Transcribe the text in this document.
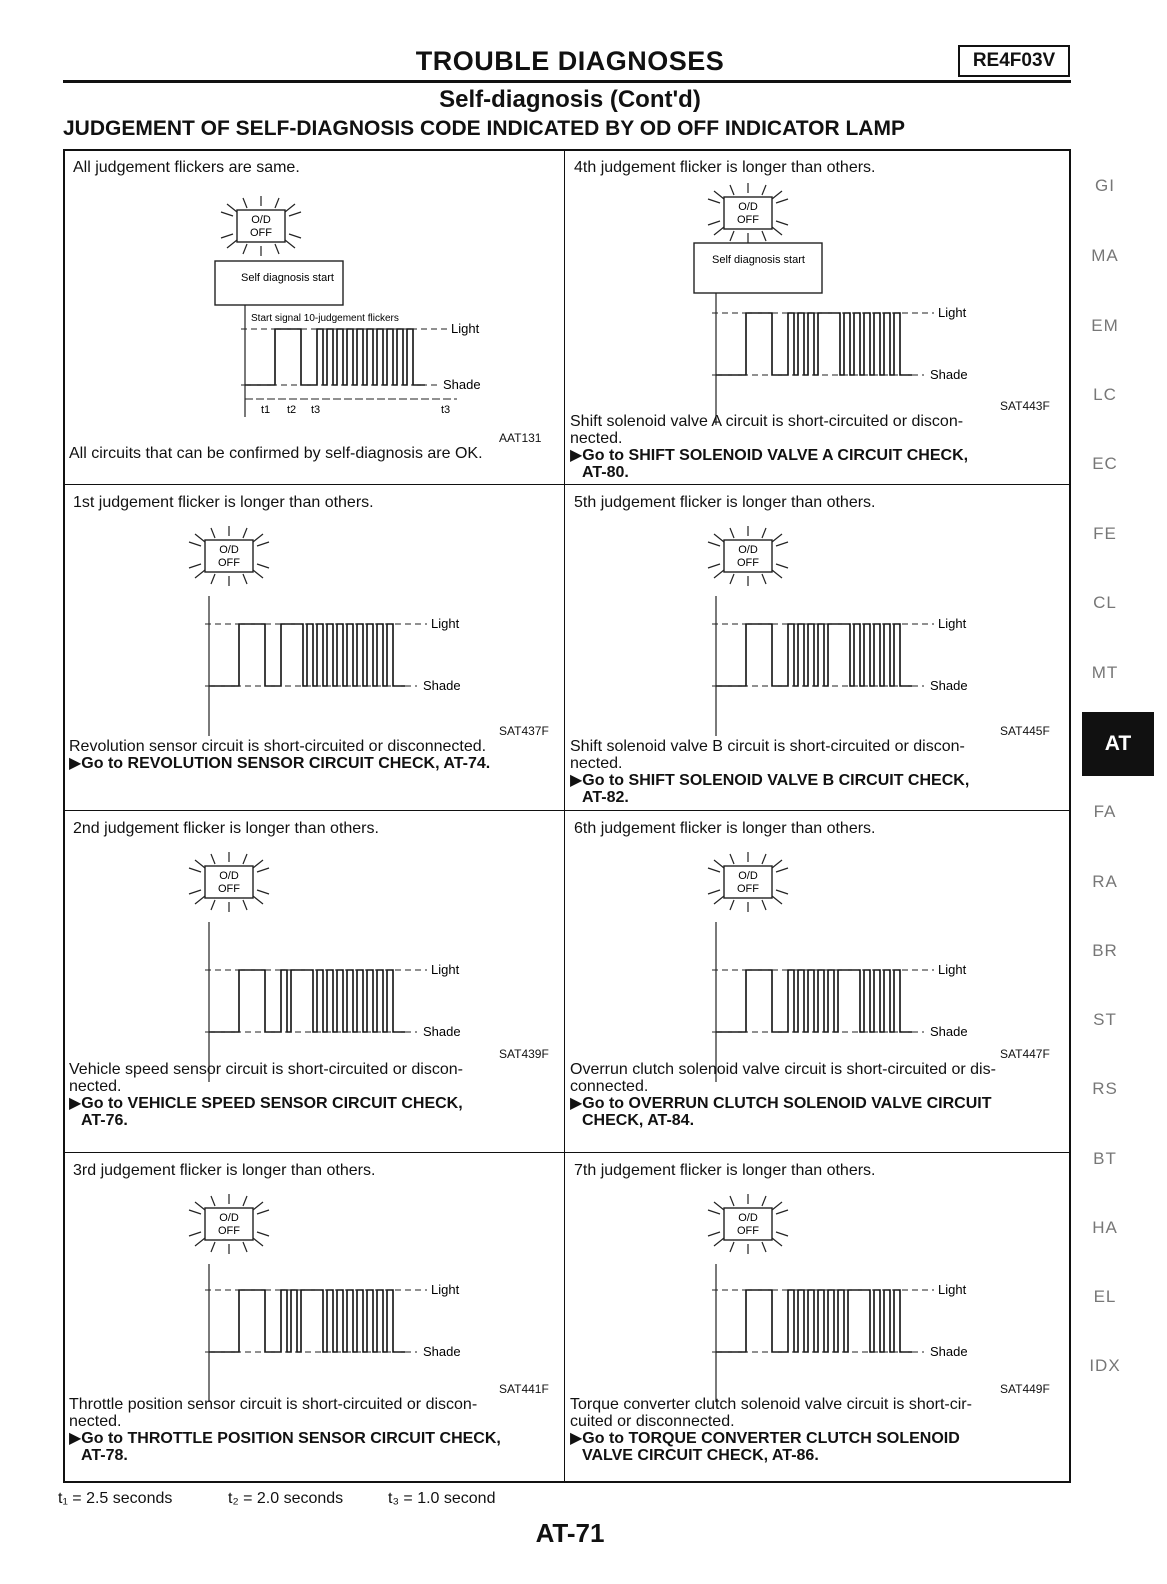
TROUBLE DIAGNOSES	RE4F03V
Self-diagnosis (Cont'd)
JUDGEMENT OF SELF-DIAGNOSIS CODE INDICATED BY OD OFF INDICATOR LAMP
All judgement flickers are same.
O/D
OFF
Self diagnosis start
Start signal 10-judgement flickers
Light
Shade
t1 t2 t3	t3
AAT131
All circuits that can be confirmed by self-diagnosis are OK.
4th judgement flicker is longer than others.
O/D
OFF
Self diagnosis start
Light
Shade
SAT443F
Shift solenoid valve A circuit is short-circuited or discon-
nected.
▶Go to SHIFT SOLENOID VALVE A CIRCUIT CHECK,
AT-80.
1st judgement flicker is longer than others.
O/D
OFF
Light
Shade
SAT437F
Revolution sensor circuit is short-circuited or disconnected.
▶Go to REVOLUTION SENSOR CIRCUIT CHECK, AT-74.
5th judgement flicker is longer than others.
O/D
OFF
Light
Shade
SAT445F
Shift solenoid valve B circuit is short-circuited or discon-
nected.
▶Go to SHIFT SOLENOID VALVE B CIRCUIT CHECK,
AT-82.
2nd judgement flicker is longer than others.
O/D
OFF
Light
Shade
SAT439F
Vehicle speed sensor circuit is short-circuited or discon-
nected.
▶Go to VEHICLE SPEED SENSOR CIRCUIT CHECK,
AT-76.
6th judgement flicker is longer than others.
O/D
OFF
Light
Shade
SAT447F
Overrun clutch solenoid valve circuit is short-circuited or dis-
connected.
▶Go to OVERRUN CLUTCH SOLENOID VALVE CIRCUIT
CHECK, AT-84.
3rd judgement flicker is longer than others.
O/D
OFF
Light
Shade
SAT441F
Throttle position sensor circuit is short-circuited or discon-
nected.
▶Go to THROTTLE POSITION SENSOR CIRCUIT CHECK,
AT-78.
7th judgement flicker is longer than others.
O/D
OFF
Light
Shade
SAT449F
Torque converter clutch solenoid valve circuit is short-cir-
cuited or disconnected.
▶Go to TORQUE CONVERTER CLUTCH SOLENOID
VALVE CIRCUIT CHECK, AT-86.
GI
MA
EM
LC
EC
FE
CL
MT
AT
FA
RA
BR
ST
RS
BT
HA
EL
IDX
t₁ = 2.5 seconds	t₂ = 2.0 seconds	t₃ = 1.0 second
AT-71
